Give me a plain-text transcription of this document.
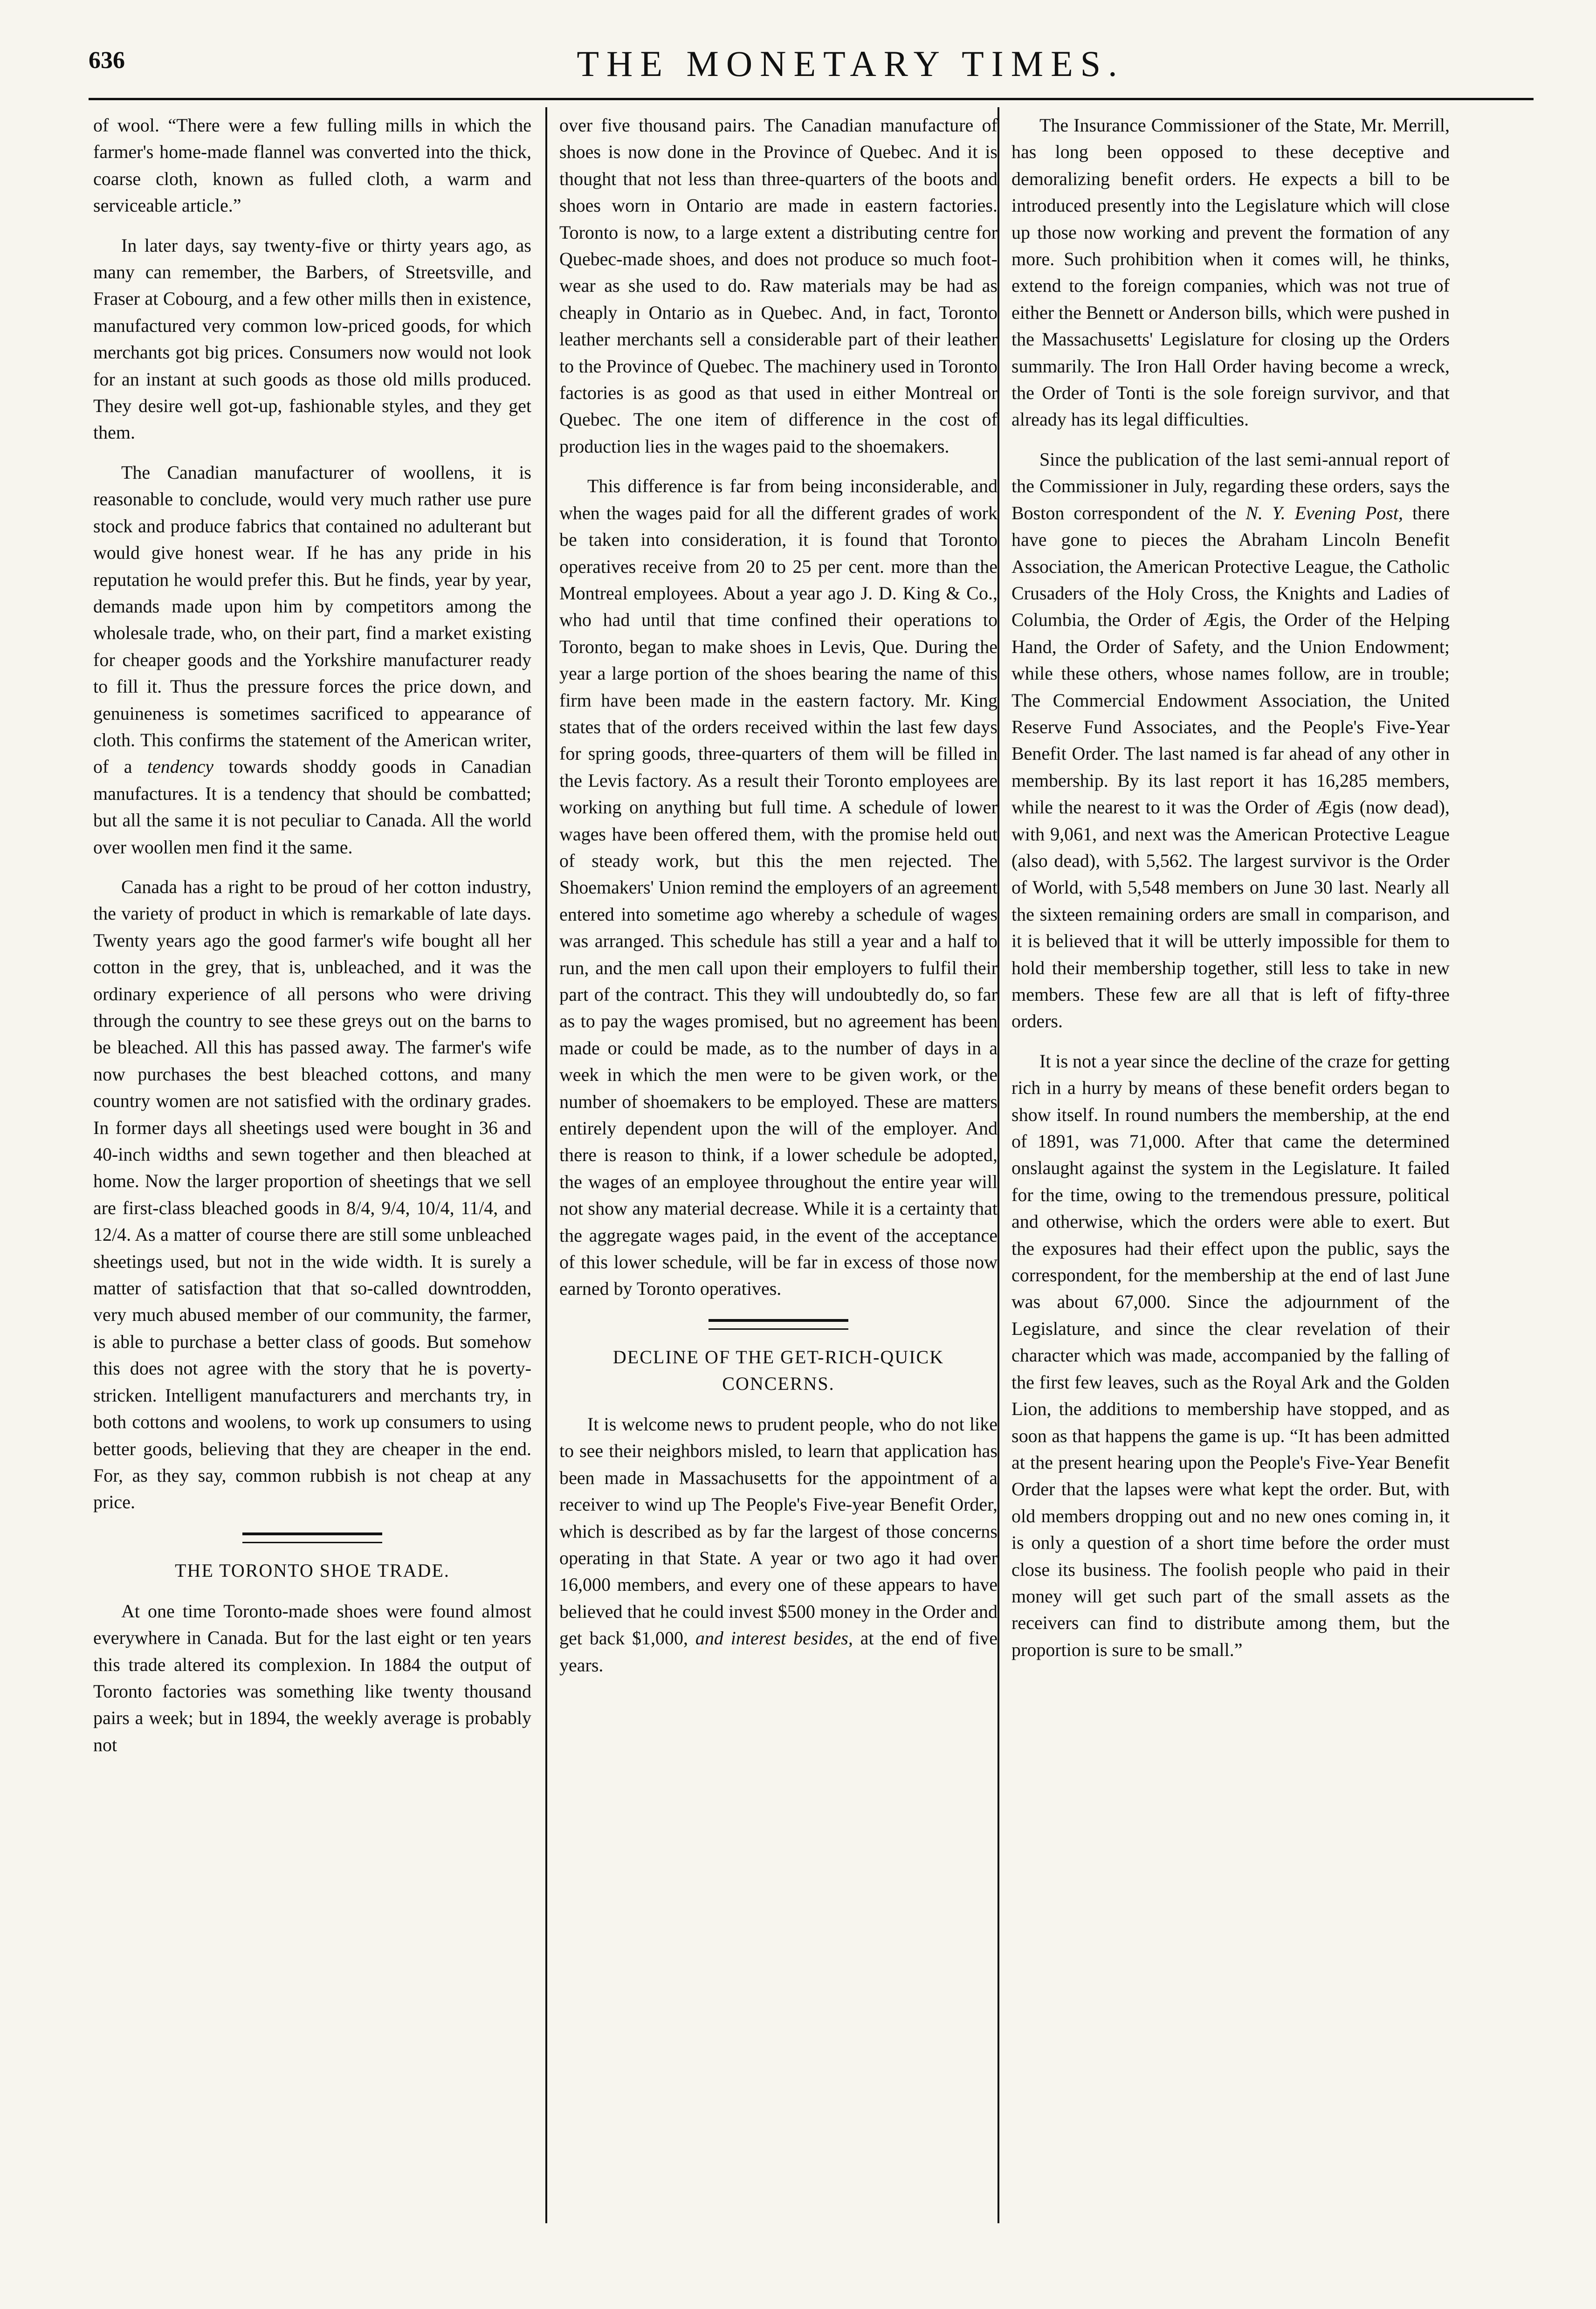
636	THE MONETARY TIMES.

of wool. “There were a few fulling mills in which the farmer's home-made flannel was converted into the thick, coarse cloth, known as fulled cloth, a warm and serviceable article.”

In later days, say twenty-five or thirty years ago, as many can remember, the Barbers, of Streetsville, and Fraser at Cobourg, and a few other mills then in existence, manufactured very common low-priced goods, for which merchants got big prices. Consumers now would not look for an instant at such goods as those old mills produced. They desire well got-up, fashionable styles, and they get them.

The Canadian manufacturer of woollens, it is reasonable to conclude, would very much rather use pure stock and produce fabrics that contained no adulterant but would give honest wear. If he has any pride in his reputation he would prefer this. But he finds, year by year, demands made upon him by competitors among the wholesale trade, who, on their part, find a market existing for cheaper goods and the Yorkshire manufacturer ready to fill it. Thus the pressure forces the price down, and genuineness is sometimes sacrificed to appearance of cloth. This confirms the statement of the American writer, of a tendency towards shoddy goods in Canadian manufactures. It is a tendency that should be combatted; but all the same it is not peculiar to Canada. All the world over woollen men find it the same.

Canada has a right to be proud of her cotton industry, the variety of product in which is remarkable of late days. Twenty years ago the good farmer's wife bought all her cotton in the grey, that is, unbleached, and it was the ordinary experience of all persons who were driving through the country to see these greys out on the barns to be bleached. All this has passed away. The farmer's wife now purchases the best bleached cottons, and many country women are not satisfied with the ordinary grades. In former days all sheetings used were bought in 36 and 40-inch widths and sewn together and then bleached at home. Now the larger proportion of sheetings that we sell are first-class bleached goods in 8/4, 9/4, 10/4, 11/4, and 12/4. As a matter of course there are still some unbleached sheetings used, but not in the wide width. It is surely a matter of satisfaction that that so-called downtrodden, very much abused member of our community, the farmer, is able to purchase a better class of goods. But somehow this does not agree with the story that he is poverty-stricken. Intelligent manufacturers and merchants try, in both cottons and woolens, to work up consumers to using better goods, believing that they are cheaper in the end. For, as they say, common rubbish is not cheap at any price.

THE TORONTO SHOE TRADE.

At one time Toronto-made shoes were found almost everywhere in Canada. But for the last eight or ten years this trade altered its complexion. In 1884 the output of Toronto factories was something like twenty thousand pairs a week; but in 1894, the weekly average is probably not

over five thousand pairs. The Canadian manufacture of shoes is now done in the Province of Quebec. And it is thought that not less than three-quarters of the boots and shoes worn in Ontario are made in eastern factories. Toronto is now, to a large extent a distributing centre for Quebec-made shoes, and does not produce so much foot-wear as she used to do. Raw materials may be had as cheaply in Ontario as in Quebec. And, in fact, Toronto leather merchants sell a considerable part of their leather to the Province of Quebec. The machinery used in Toronto factories is as good as that used in either Montreal or Quebec. The one item of difference in the cost of production lies in the wages paid to the shoemakers.

This difference is far from being inconsiderable, and when the wages paid for all the different grades of work be taken into consideration, it is found that Toronto operatives receive from 20 to 25 per cent. more than the Montreal employees. About a year ago J. D. King & Co., who had until that time confined their operations to Toronto, began to make shoes in Levis, Que. During the year a large portion of the shoes bearing the name of this firm have been made in the eastern factory. Mr. King states that of the orders received within the last few days for spring goods, three-quarters of them will be filled in the Levis factory. As a result their Toronto employees are working on anything but full time. A schedule of lower wages have been offered them, with the promise held out of steady work, but this the men rejected. The Shoemakers' Union remind the employers of an agreement entered into sometime ago whereby a schedule of wages was arranged. This schedule has still a year and a half to run, and the men call upon their employers to fulfil their part of the contract. This they will undoubtedly do, so far as to pay the wages promised, but no agreement has been made or could be made, as to the number of days in a week in which the men were to be given work, or the number of shoemakers to be employed. These are matters entirely dependent upon the will of the employer. And there is reason to think, if a lower schedule be adopted, the wages of an employee throughout the entire year will not show any material decrease. While it is a certainty that the aggregate wages paid, in the event of the acceptance of this lower schedule, will be far in excess of those now earned by Toronto operatives.

DECLINE OF THE GET-RICH-QUICK CONCERNS.

It is welcome news to prudent people, who do not like to see their neighbors misled, to learn that application has been made in Massachusetts for the appointment of a receiver to wind up The People's Five-year Benefit Order, which is described as by far the largest of those concerns operating in that State. A year or two ago it had over 16,000 members, and every one of these appears to have believed that he could invest $500 money in the Order and get back $1,000, and interest besides, at the end of five years.

The Insurance Commissioner of the State, Mr. Merrill, has long been opposed to these deceptive and demoralizing benefit orders. He expects a bill to be introduced presently into the Legislature which will close up those now working and prevent the formation of any more. Such prohibition when it comes will, he thinks, extend to the foreign companies, which was not true of either the Bennett or Anderson bills, which were pushed in the Massachusetts' Legislature for closing up the Orders summarily. The Iron Hall Order having become a wreck, the Order of Tonti is the sole foreign survivor, and that already has its legal difficulties.

Since the publication of the last semi-annual report of the Commissioner in July, regarding these orders, says the Boston correspondent of the N. Y. Evening Post, there have gone to pieces the Abraham Lincoln Benefit Association, the American Protective League, the Catholic Crusaders of the Holy Cross, the Knights and Ladies of Columbia, the Order of Ægis, the Order of the Helping Hand, the Order of Safety, and the Union Endowment; while these others, whose names follow, are in trouble; The Commercial Endowment Association, the United Reserve Fund Associates, and the People's Five-Year Benefit Order. The last named is far ahead of any other in membership. By its last report it has 16,285 members, while the nearest to it was the Order of Ægis (now dead), with 9,061, and next was the American Protective League (also dead), with 5,562. The largest survivor is the Order of World, with 5,548 members on June 30 last. Nearly all the sixteen remaining orders are small in comparison, and it is believed that it will be utterly impossible for them to hold their membership together, still less to take in new members. These few are all that is left of fifty-three orders.

It is not a year since the decline of the craze for getting rich in a hurry by means of these benefit orders began to show itself. In round numbers the membership, at the end of 1891, was 71,000. After that came the determined onslaught against the system in the Legislature. It failed for the time, owing to the tremendous pressure, political and otherwise, which the orders were able to exert. But the exposures had their effect upon the public, says the correspondent, for the membership at the end of last June was about 67,000. Since the adjournment of the Legislature, and since the clear revelation of their character which was made, accompanied by the falling of the first few leaves, such as the Royal Ark and the Golden Lion, the additions to membership have stopped, and as soon as that happens the game is up. “It has been admitted at the present hearing upon the People's Five-Year Benefit Order that the lapses were what kept the order. But, with old members dropping out and no new ones coming in, it is only a question of a short time before the order must close its business. The foolish people who paid in their money will get such part of the small assets as the receivers can find to distribute among them, but the proportion is sure to be small.”
